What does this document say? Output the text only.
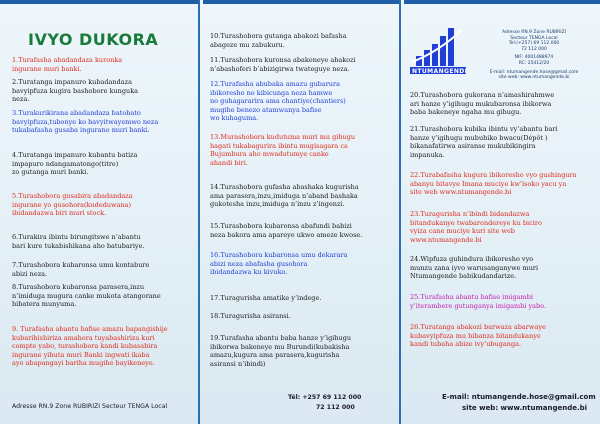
IVYO DUKORA
1.Turafasha abadandaza kuronka
ingurane muri banki.
2.Turatanga impanuro kubadandaza
bavyipfuza kugira bashobore kunguka
neza.
3.Turakurikirana abadandaza batobato
bavyipfuza,tubonye ko bavyitwayemwo neza
tukabafasha gusaba ingurane muri banki.
4.Turatanga impanuro kubantu batiza
impapuro ndangamatongo(titre)
zo gutanga muri banki.
5.Turashobora gusabira abadandaza
ingurane yo gusohora(kudeduwana)
ibidandazwa biri muri stock.
6.Turakira ibintu birungitswe n’abantu
bari kure tukabishikana aho batubariye.
7.Turashobora kubaronsa umu kontabure
abizi neza.
8.Turashobora kubaronsa parasera,inzu
n’imiduga mugura canke mukota atangorane
bibatera munyuma.
9. Turafasha abantu bafise amazu bapangishije
kubarihishiriza amahera tuyabashiriza kuri
compte yabo, turashobora kandi kubasabira
ingurane yihuta muri Banki ingwati ikaba
ayo abapangayi bariha mugihe bayikeneye.
10.Turashobora gutanga abakozi bafasha
abageze mu zabukuru.
11.Turashobora kuronsa abakeneye abakozi
n’abashoferi b’abizigirwa twateguye neza.
12.Turafasha abubaka amazu gubarura
ibikoresho no kibicunga neza hamwe
no guhagararira ama chantiye(chantiers)
mugihe benezo atamwanya bafise
wo kuhaguma.
13.Murashobora kudutuma muri mu gihugu
hagati tukabagurira ibintu mugisagara ca
Bujumbura aho mwadutumye canke
ahandi biri.
14.Turashobora gufasha abashaka kugurisha
ama parasera,inzu,imiduga n’aband bashaka
gukotesha inzu,imiduga n’inzu z’ingenzi.
15.Turashobora kubaronsa abafundi babizi
neza bakora ama apareye ukwo ameze kwose.
16.Turashobora kubaronsa umu dekarara
abizi neza abafasha gusohora
ibidandazwa ku kivuko.
17.Turagurisha amatike y’indege.
18.Turagurisha asiransi.
19.Turafasha abantu baba hanze y’igihugu
ibikorwa bakeneye mu Burundi(kubakisha
amazu,kugura ama parasera,kugurisha
asiransi n’ibindi)
NTUMANGENDE
Adresse RN.9 Zone RUBIRIZI
Secteur TENGA Local
Tel:(+257) 69 112 000
72 112 000
NIF: 4001488974
RC: 25412/20
E-mail: ntumangende.hose@gmail.com
site web: www.ntumangende.bi
20.Turashobora gukorana n’amashirahmwe
ari hanze y’igihugu mukubaronsa ibikorwa
baba bakeneye ngaha mu gihugu.
21.Turashobora kubika ibintu vy’abantu bari
hanze y’igihugu mububiko bwacu(Dépôt )
bikanafatirwa asiranse mukubikingira
impanuka.
22.Turabafasha kugura ibikoresho vyo gushingura
abanyu bitavye Imana muciye kw’isoko yacu ya
site web www.ntumangende.bi
23.Turagurisha n’ibindi bidandazwa
bitandukanye twabarondereye ku biciro
vyiza cane muciye kuri site web
www.ntumangende.bi
24.Wipfuza guhindura ibikoresho vyo
munzu zana iyvo warusanganywe muri
Ntumangende babikudandarize.
25.Turafasha abantu bafise imigambi
y’iterambere gutunganya imigambi yabo.
26.Turatanga abakozi barwaza abarwaye
kubavyipfuza mu bibanza bitandukanye
kandi tubaha abize ivy’ubuganga.
Adresse RN.9 Zone RUBIRIZI Secteur TENGA Local
Tél: +257 69 112 000
72 112 000
E-mail: ntumangende.hose@gmail.com
site web: www.ntumangende.bi
